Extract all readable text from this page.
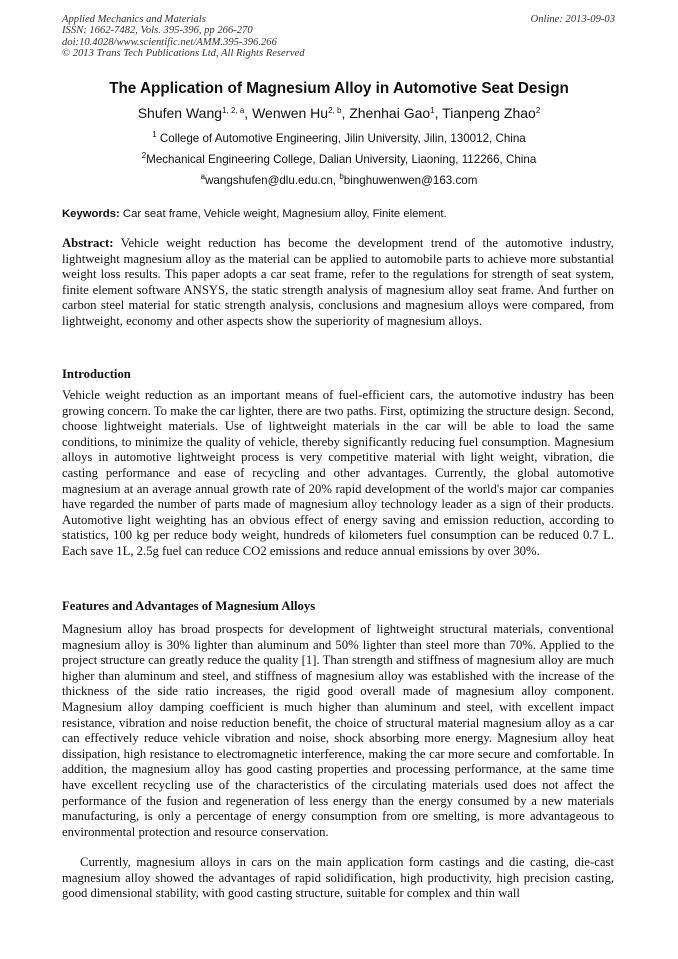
Applied Mechanics and Materials
ISSN: 1662-7482, Vols. 395-396, pp 266-270
doi:10.4028/www.scientific.net/AMM.395-396.266
© 2013 Trans Tech Publications Ltd, All Rights Reserved
Online: 2013-09-03
The Application of Magnesium Alloy in Automotive Seat Design
Shufen Wang$^{1, 2, a}$, Wenwen Hu$^{2, b}$, Zhenhai Gao$^1$, Tianpeng Zhao$^2$
$^1$ College of Automotive Engineering, Jilin University, Jilin, 130012, China
$^2$Mechanical Engineering College, Dalian University, Liaoning, 112266, China
$^a$wangshufen@dlu.edu.cn, $^b$binghuwenwen@163.com
Keywords: Car seat frame, Vehicle weight, Magnesium alloy, Finite element.
Abstract: Vehicle weight reduction has become the development trend of the automotive industry, lightweight magnesium alloy as the material can be applied to automobile parts to achieve more substantial weight loss results. This paper adopts a car seat frame, refer to the regulations for strength of seat system, finite element software ANSYS, the static strength analysis of magnesium alloy seat frame. And further on carbon steel material for static strength analysis, conclusions and magnesium alloys were compared, from lightweight, economy and other aspects show the superiority of magnesium alloys.
Introduction
Vehicle weight reduction as an important means of fuel-efficient cars, the automotive industry has been growing concern. To make the car lighter, there are two paths. First, optimizing the structure design. Second, choose lightweight materials. Use of lightweight materials in the car will be able to load the same conditions, to minimize the quality of vehicle, thereby significantly reducing fuel consumption. Magnesium alloys in automotive lightweight process is very competitive material with light weight, vibration, die casting performance and ease of recycling and other advantages. Currently, the global automotive magnesium at an average annual growth rate of 20% rapid development of the world's major car companies have regarded the number of parts made of magnesium alloy technology leader as a sign of their products. Automotive light weighting has an obvious effect of energy saving and emission reduction, according to statistics, 100 kg per reduce body weight, hundreds of kilometers fuel consumption can be reduced 0.7 L. Each save 1L, 2.5g fuel can reduce CO2 emissions and reduce annual emissions by over 30%.
Features and Advantages of Magnesium Alloys
Magnesium alloy has broad prospects for development of lightweight structural materials, conventional magnesium alloy is 30% lighter than aluminum and 50% lighter than steel more than 70%. Applied to the project structure can greatly reduce the quality [1]. Than strength and stiffness of magnesium alloy are much higher than aluminum and steel, and stiffness of magnesium alloy was established with the increase of the thickness of the side ratio increases, the rigid good overall made of magnesium alloy component. Magnesium alloy damping coefficient is much higher than aluminum and steel, with excellent impact resistance, vibration and noise reduction benefit, the choice of structural material magnesium alloy as a car can effectively reduce vehicle vibration and noise, shock absorbing more energy. Magnesium alloy heat dissipation, high resistance to electromagnetic interference, making the car more secure and comfortable. In addition, the magnesium alloy has good casting properties and processing performance, at the same time have excellent recycling use of the characteristics of the circulating materials used does not affect the performance of the fusion and regeneration of less energy than the energy consumed by a new materials manufacturing, is only a percentage of energy consumption from ore smelting, is more advantageous to environmental protection and resource conservation.
Currently, magnesium alloys in cars on the main application form castings and die casting, die-cast magnesium alloy showed the advantages of rapid solidification, high productivity, high precision casting, good dimensional stability, with good casting structure, suitable for complex and thin wall
